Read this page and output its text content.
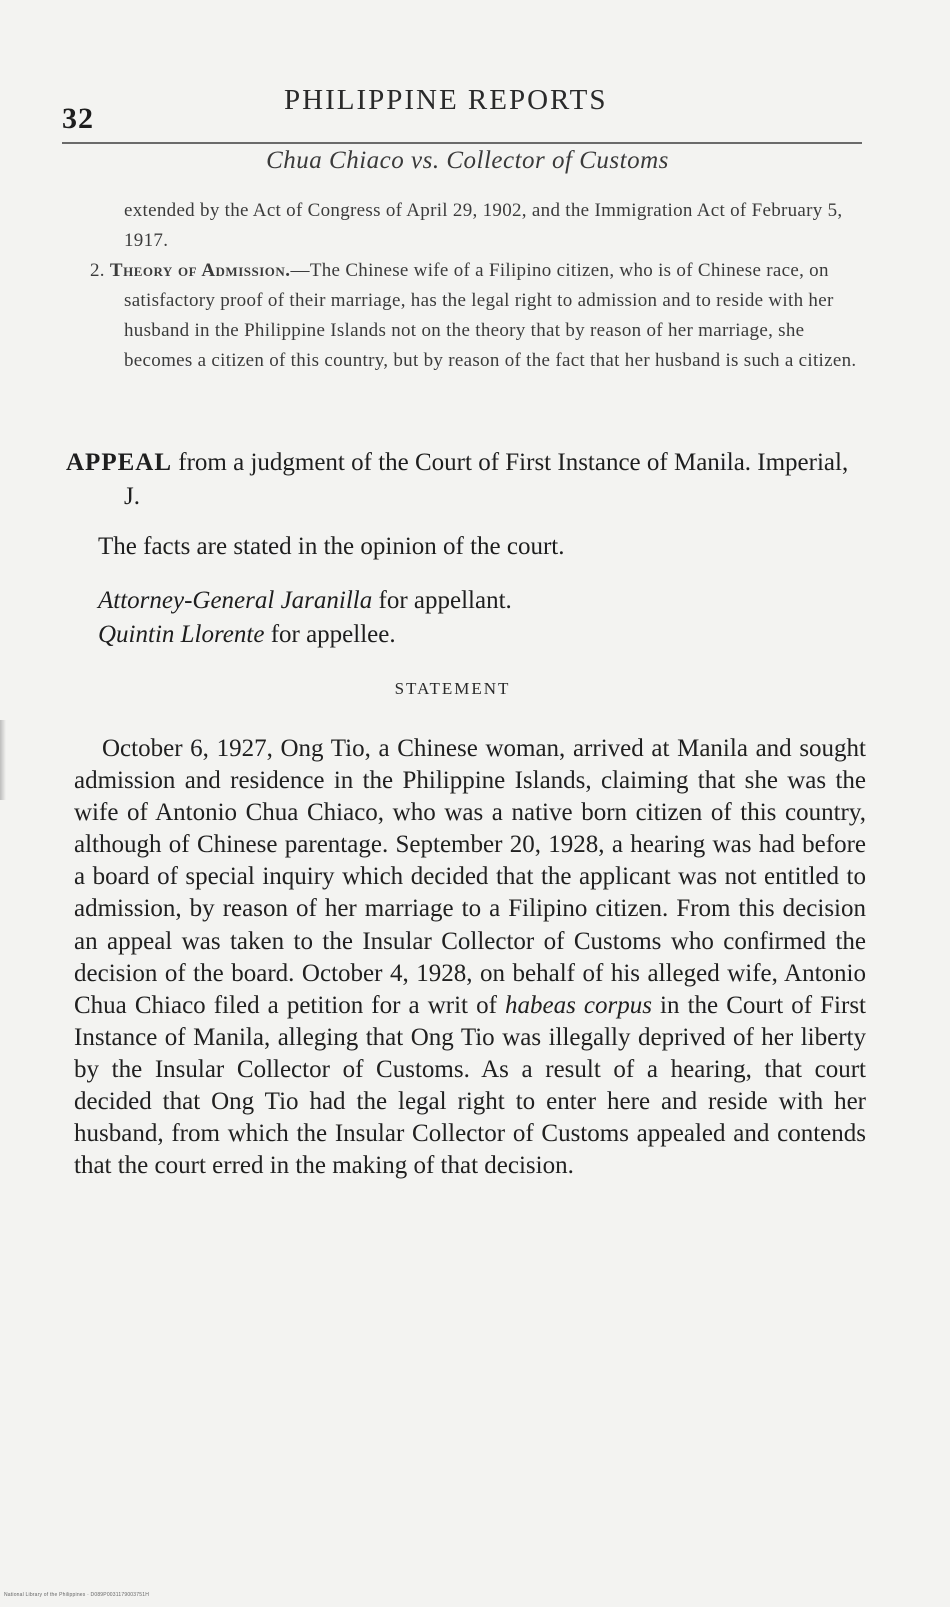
32
PHILIPPINE REPORTS
Chua Chiaco vs. Collector of Customs

extended by the Act of Congress of April 29, 1902, and the Immigration Act of February 5, 1917.

2. Theory of Admission.—The Chinese wife of a Filipino citizen, who is of Chinese race, on satisfactory proof of their marriage, has the legal right to admission and to reside with her husband in the Philippine Islands not on the theory that by reason of her marriage, she becomes a citizen of this country, but by reason of the fact that her husband is such a citizen.

APPEAL from a judgment of the Court of First Instance of Manila. Imperial, J.

The facts are stated in the opinion of the court.

Attorney-General Jaranilla for appellant.

Quintin Llorente for appellee.

STATEMENT

October 6, 1927, Ong Tio, a Chinese woman, arrived at Manila and sought admission and residence in the Philippine Islands, claiming that she was the wife of Antonio Chua Chiaco, who was a native born citizen of this country, although of Chinese parentage. September 20, 1928, a hearing was had before a board of special inquiry which decided that the applicant was not entitled to admission, by reason of her marriage to a Filipino citizen. From this decision an appeal was taken to the Insular Collector of Customs who confirmed the decision of the board. October 4, 1928, on behalf of his alleged wife, Antonio Chua Chiaco filed a petition for a writ of habeas corpus in the Court of First Instance of Manila, alleging that Ong Tio was illegally deprived of her liberty by the Insular Collector of Customs. As a result of a hearing, that court decided that Ong Tio had the legal right to enter here and reside with her husband, from which the Insular Collector of Customs appealed and contends that the court erred in the making of that decision.

National Library of the Philippines · D089P0031179003751H
